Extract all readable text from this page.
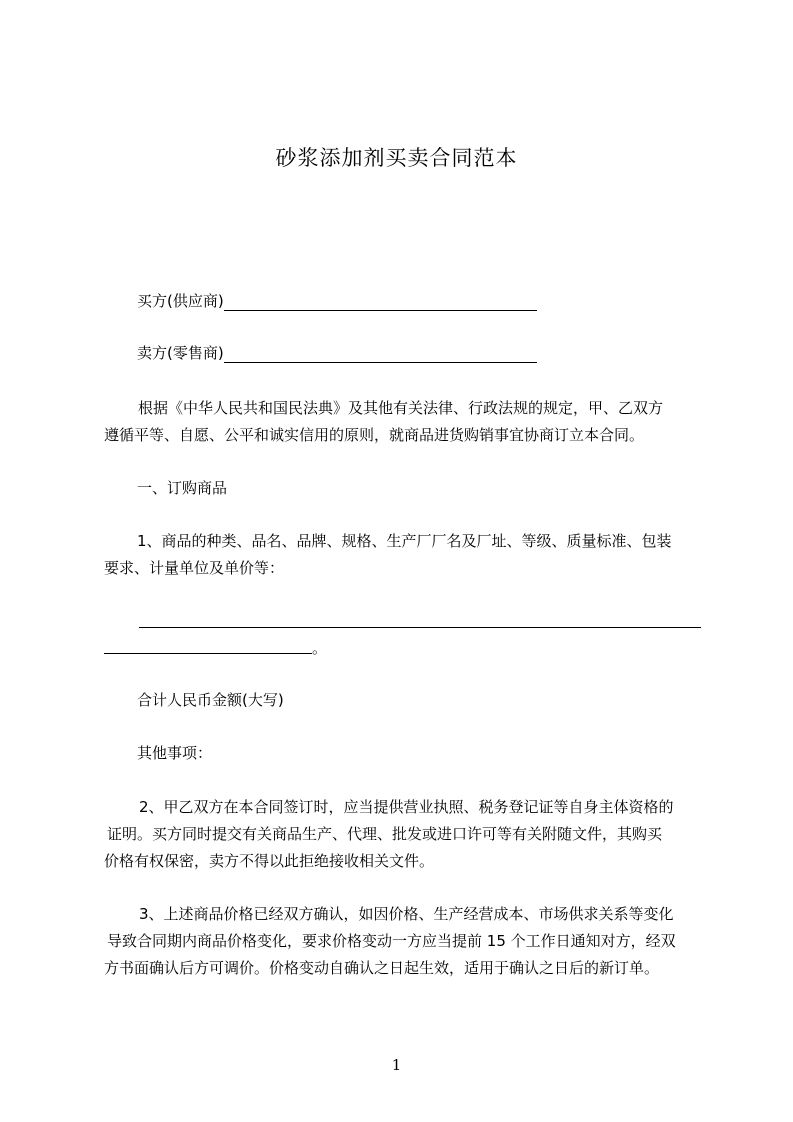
砂浆添加剂买卖合同范本
买方(供应商)
卖方(零售商)
根据《中华人民共和国民法典》及其他有关法律、行政法规的规定，甲、乙双方
遵循平等、自愿、公平和诚实信用的原则，就商品进货购销事宜协商订立本合同。
一、订购商品
1、商品的种类、品名、品牌、规格、生产厂厂名及厂址、等级、质量标准、包装
要求、计量单位及单价等：
。
合计人民币金额(大写)
其他事项：
2、甲乙双方在本合同签订时，应当提供营业执照、税务登记证等自身主体资格的
证明。买方同时提交有关商品生产、代理、批发或进口许可等有关附随文件，其购买
价格有权保密，卖方不得以此拒绝接收相关文件。
3、上述商品价格已经双方确认，如因价格、生产经营成本、市场供求关系等变化
导致合同期内商品价格变化，要求价格变动一方应当提前 15 个工作日通知对方，经双
方书面确认后方可调价。价格变动自确认之日起生效，适用于确认之日后的新订单。
1
